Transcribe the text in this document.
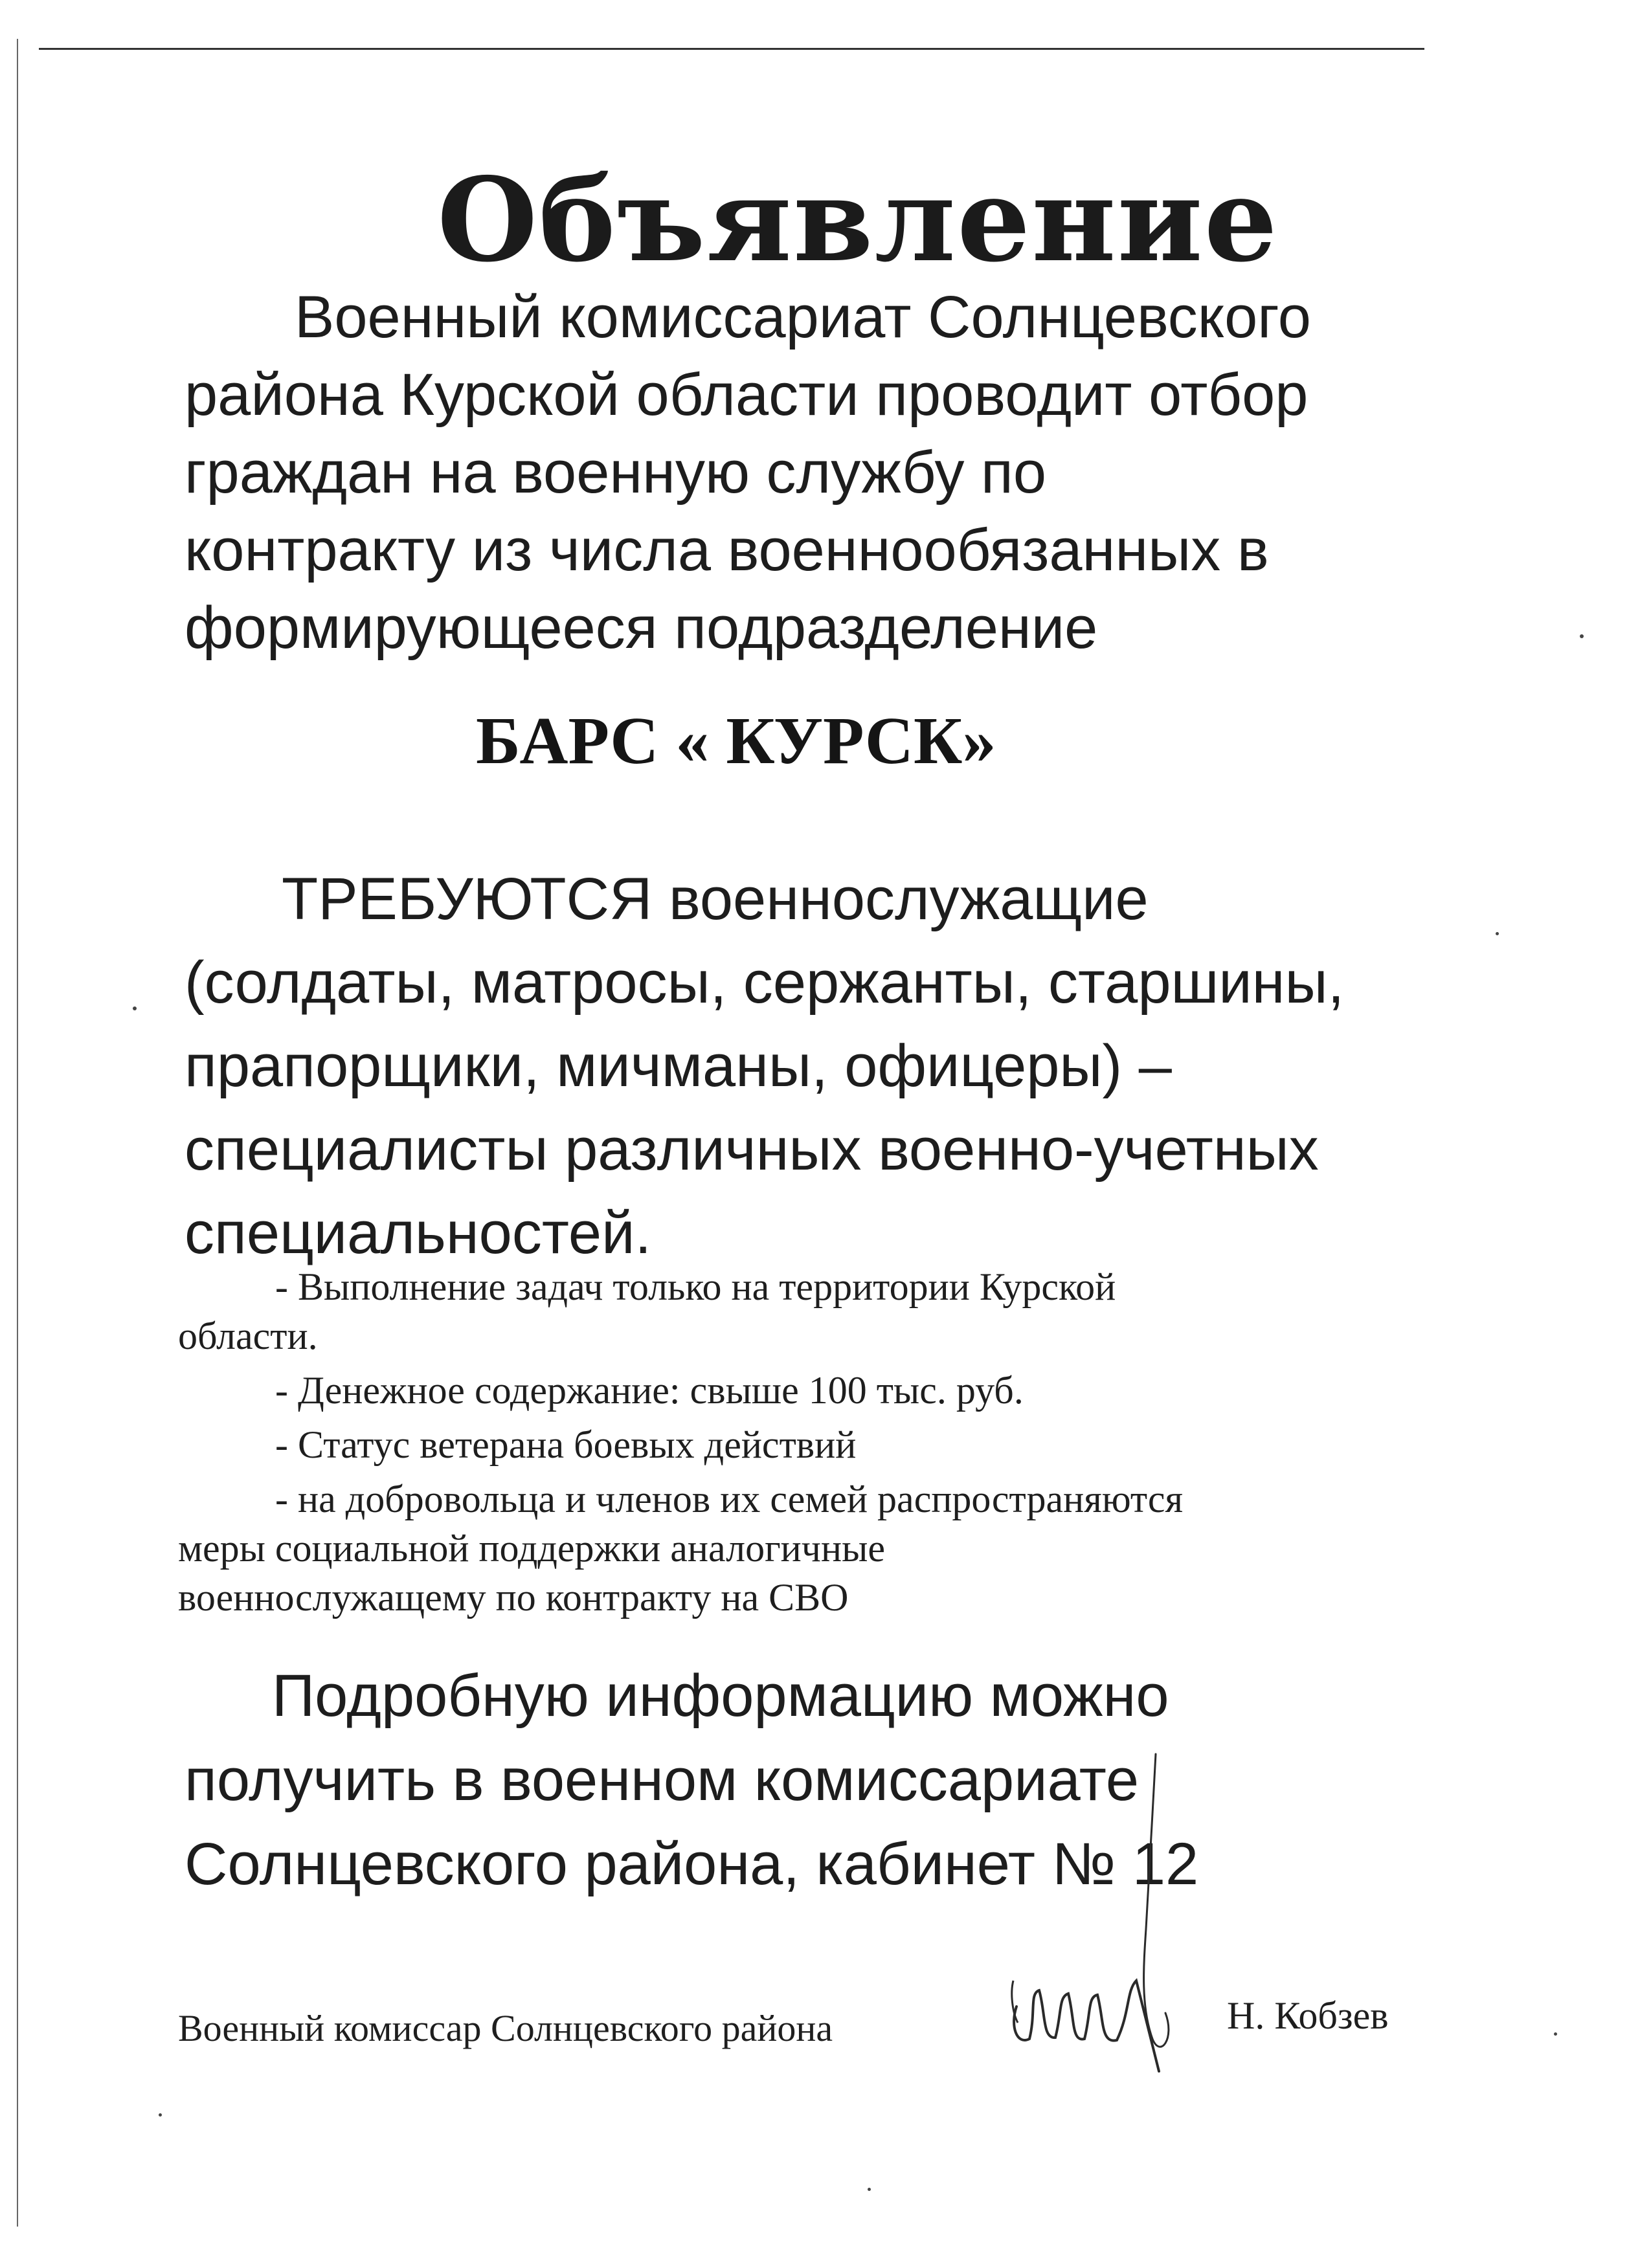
Объявление
Военный комиссариат Солнцевского
района Курской области проводит отбор
граждан на военную службу по
контракту из числа военнообязанных в
формирующееся подразделение
БАРС « КУРСК»
ТРЕБУЮТСЯ военнослужащие
(солдаты, матросы, сержанты, старшины,
прапорщики, мичманы, офицеры) –
специалисты различных военно-учетных
специальностей.
- Выполнение задач только на территории Курской
области.
- Денежное содержание: свыше 100 тыс. руб.
- Статус ветерана боевых действий
- на добровольца и членов их семей распространяются
меры социальной поддержки аналогичные
военнослужащему по контракту на СВО
Подробную информацию можно
получить в военном комиссариате
Солнцевского района, кабинет № 12
Военный комиссар Солнцевского района	Н. Кобзев
